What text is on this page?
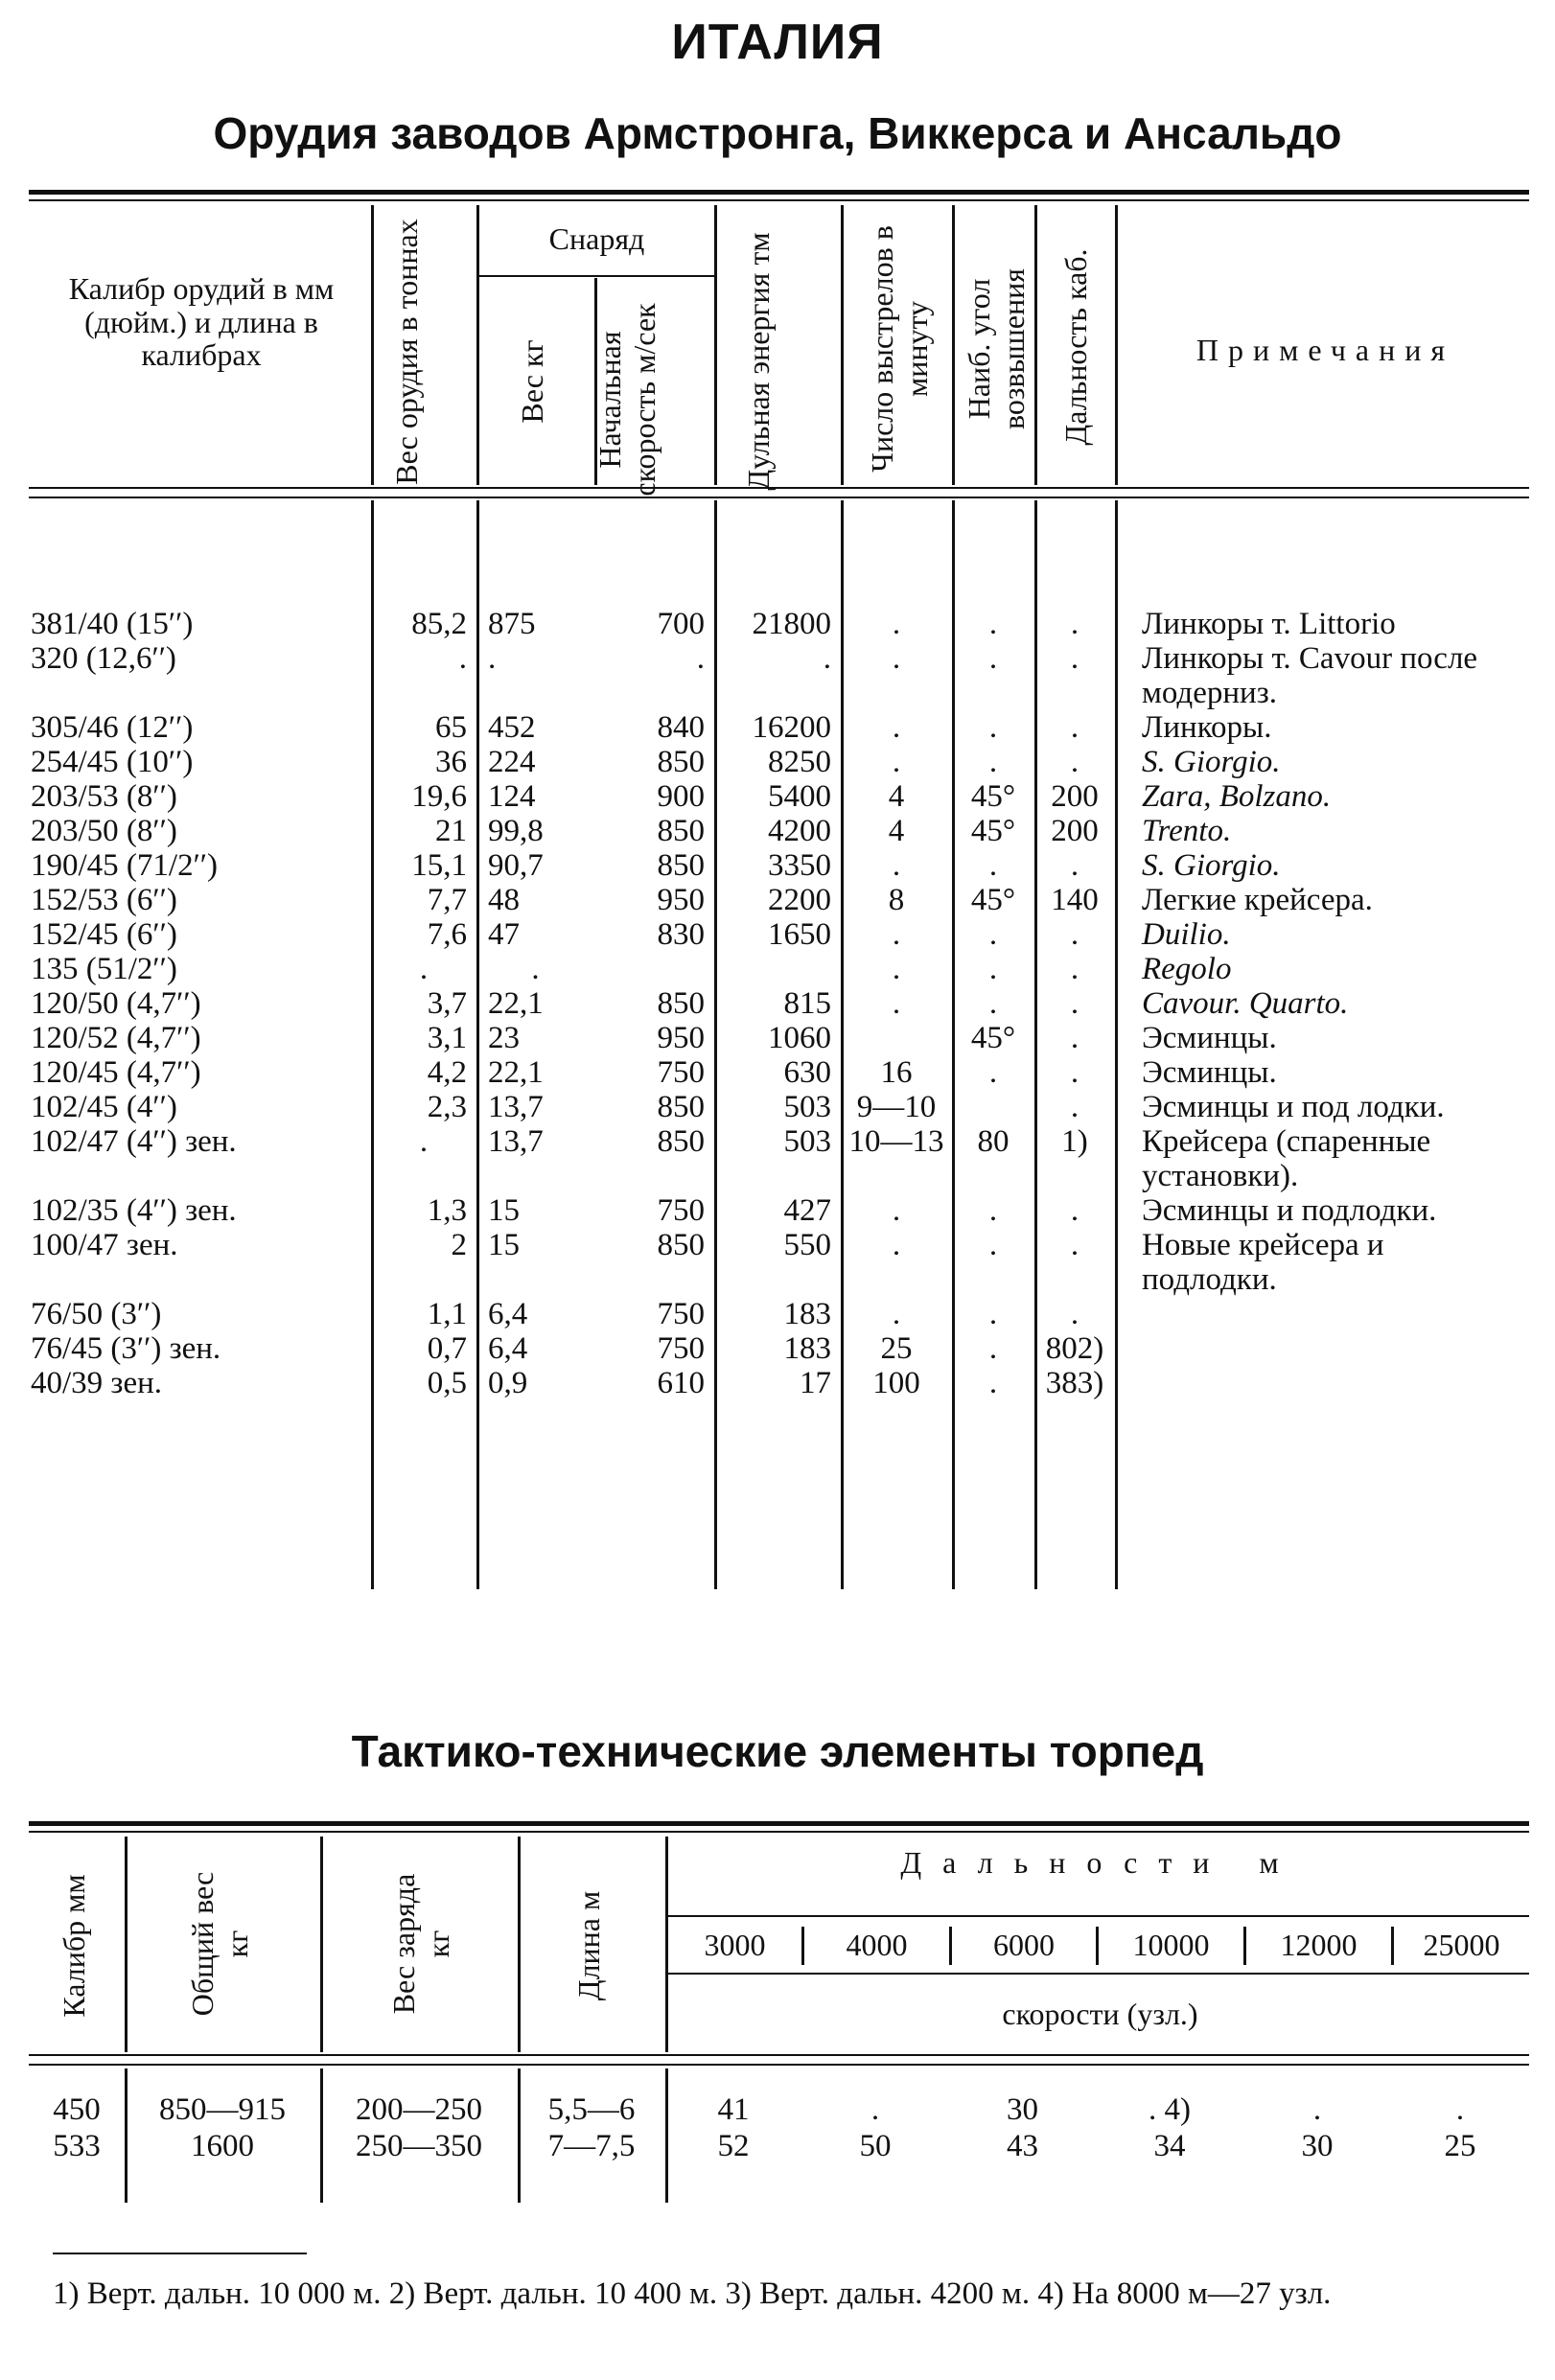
ИТАЛИЯ
Орудия заводов Армстронга, Виккерса и Ансальдо
Калибр орудий в мм (дюйм.) и длина в калибрах
Снаряд
Вес орудия в тоннах	Вес кг Начальная скорость м/сек	Дульная энергия тм	Число выстрелов в минуту Наиб. угол возвышения Дальность каб.	Примечания
381/40 (15′′)	85,2	875	700	21800	.	.	.	Линкоры т. Littorio
320 (12,6′′)	.	.	.	.	.	.	.	Линкоры т. Cavour после модерниз.
305/46 (12′′)	65	452	840	16200	.	.	.	Линкоры.
254/45 (10′′)	36	224	850	8250	.	.	.	S. Giorgio.
203/53 (8′′)	19,6	124	900	5400	4	45°	200	Zara, Bolzano.
203/50 (8′′)	21	99,8	850	4200	4	45°	200	Trento.
190/45 (71/2′′)	15,1	90,7	850	3350	.	.	.	S. Giorgio.
152/53 (6′′)	7,7	48	950	2200	8	45°	140	Легкие крейсера.
152/45 (6′′)	7,6	47	830	1650	.	.	.	Duilio.
135 (51/2′′)	.	.			.	.	.	Regolo
120/50 (4,7′′)	3,7	22,1	850	815	.	.	.	Cavour. Quarto.
120/52 (4,7′′)	3,1	23	950	1060		45°	.	Эсминцы.
120/45 (4,7′′)	4,2	22,1	750	630	16	.	.	Эсминцы.
102/45 (4′′)	2,3	13,7	850	503	9—10		.	Эсминцы и под лодки.
102/47 (4′′) зен.	.	13,7	850	503	10—13	80	1)	Крейсера (спаренные установки).
102/35 (4′′) зен.	1,3	15	750	427	.	.	.	Эсминцы и подлодки.
100/47 зен.	2	15	850	550	.	.	.	Новые крейсера и подлодки.
76/50 (3′′)	1,1	6,4	750	183	.	.	.	
76/45 (3′′) зен.	0,7	6,4	750	183	25	.	802)	
40/39 зен.	0,5	0,9	610	17	100	.	383)	
Тактико-технические элементы торпед
Калибр мм	Общий вес кг	Вес заряда кг	Длина м
Дальности м
скорости (узл.)
3000	4000	6000	10000	12000	25000
450	850—915	200—250	5,5—6	41	.	30	. 4)	.	.
533	1600	250—350	7—7,5	52	50	43	34	30	25
1) Верт. дальн. 10 000 м. 2) Верт. дальн. 10 400 м. 3) Верт. дальн. 4200 м. 4) На 8000 м—27 узл.
